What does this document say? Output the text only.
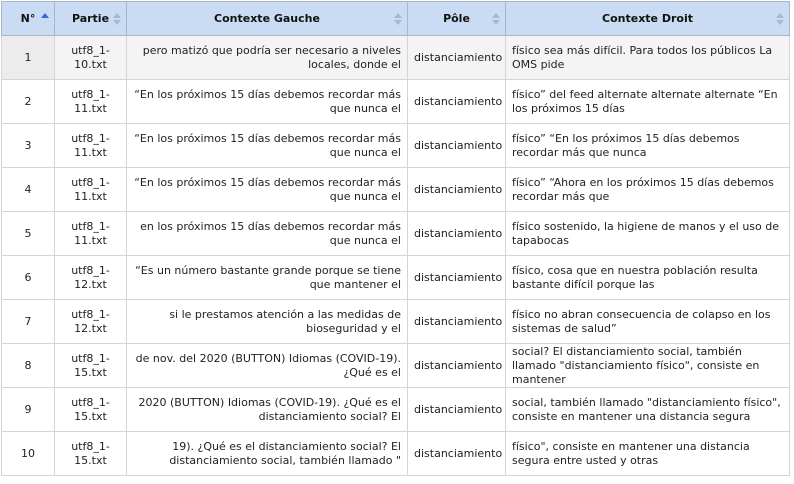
N°	Partie	Contexte Gauche	Pôle	Contexte Droit

1	utf8_1-10.txt	pero matizó que podría ser necesario a niveles locales, donde el	distanciamiento	físico sea más difícil. Para todos los públicos La OMS pide
2	utf8_1-11.txt	“En los próximos 15 días debemos recordar más que nunca el	distanciamiento	físico” del feed alternate alternate alternate “En los próximos 15 días
3	utf8_1-11.txt	“En los próximos 15 días debemos recordar más que nunca el	distanciamiento	físico” “En los próximos 15 días debemos recordar más que nunca
4	utf8_1-11.txt	“En los próximos 15 días debemos recordar más que nunca el	distanciamiento	físico” “Ahora en los próximos 15 días debemos recordar más que
5	utf8_1-11.txt	en los próximos 15 días debemos recordar más que nunca el	distanciamiento	físico sostenido, la higiene de manos y el uso de tapabocas
6	utf8_1-12.txt	“Es un número bastante grande porque se tiene que mantener el	distanciamiento	físico, cosa que en nuestra población resulta bastante difícil porque las
7	utf8_1-12.txt	si le prestamos atención a las medidas de bioseguridad y el	distanciamiento	físico no abran consecuencia de colapso en los sistemas de salud”
8	utf8_1-15.txt	de nov. del 2020 (BUTTON) Idiomas (COVID-19). ¿Qué es el	distanciamiento	social? El distanciamiento social, también llamado "distanciamiento físico", consiste en mantener
9	utf8_1-15.txt	2020 (BUTTON) Idiomas (COVID-19). ¿Qué es el distanciamiento social? El	distanciamiento	social, también llamado "distanciamiento físico", consiste en mantener una distancia segura
10	utf8_1-15.txt	19). ¿Qué es el distanciamiento social? El distanciamiento social, también llamado "	distanciamiento	físico", consiste en mantener una distancia segura entre usted y otras
